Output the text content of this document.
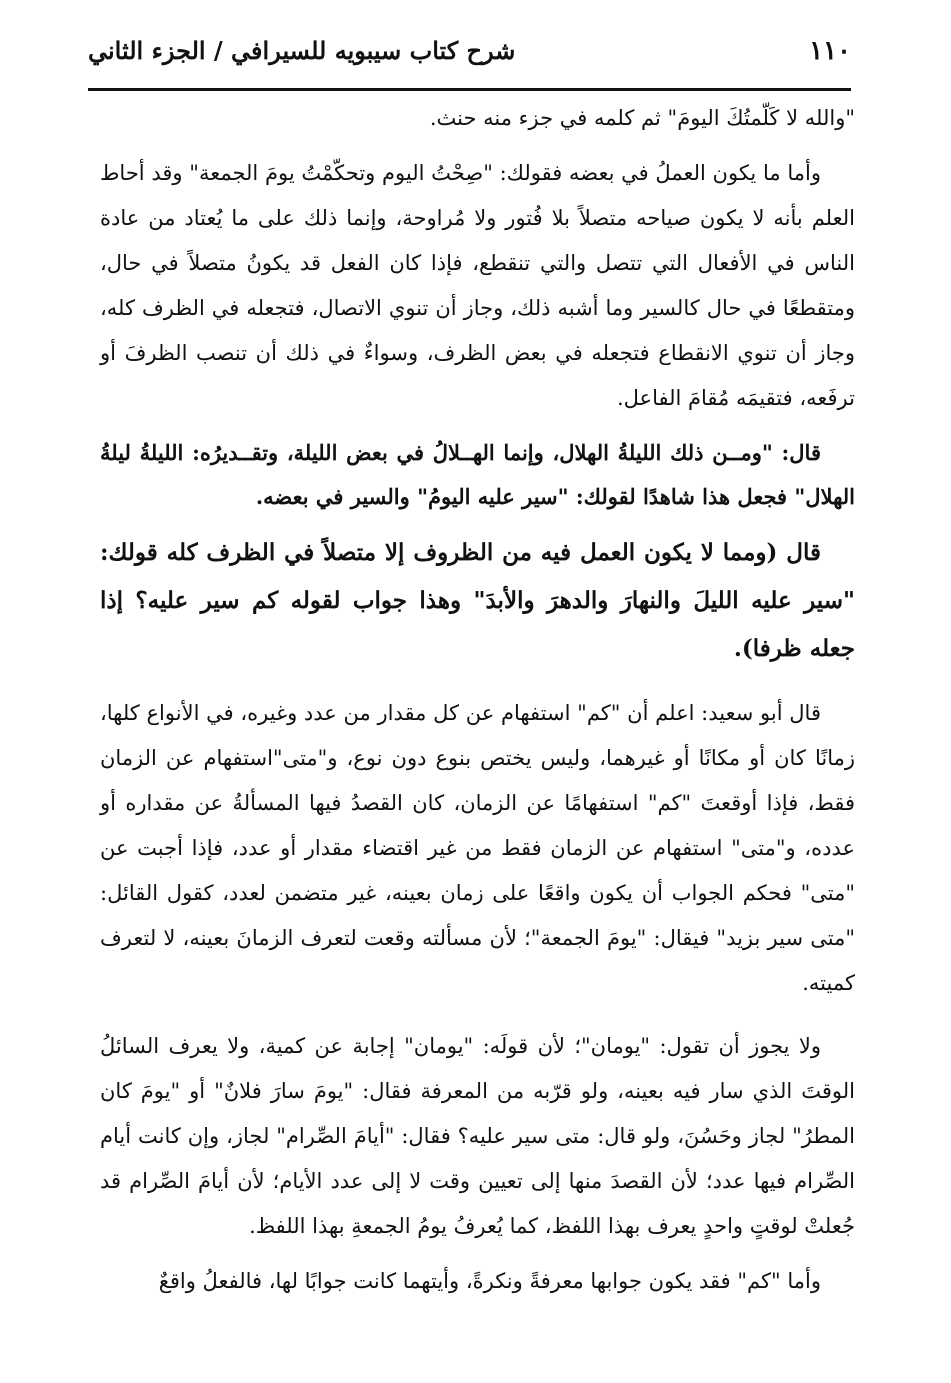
١١٠
شرح كتاب سيبويه للسيرافي / الجزء الثاني

"والله لا كَلّمتُكَ اليومَ" ثم كلمه في جزء منه حنث.

وأما ما يكون العملُ في بعضه فقولك: "صِحْتُ اليوم وتحكّمْتُ يومَ الجمعة" وقد أحاط العلم بأنه لا يكون صياحه متصلاً بلا فُتور ولا مُراوحة، وإنما ذلك على ما يُعتاد من عادة الناس في الأفعال التي تتصل والتي تنقطع، فإذا كان الفعل قد يكونُ متصلاً في حال، ومتقطعًا في حال كالسير وما أشبه ذلك، وجاز أن تنوي الاتصال، فتجعله في الظرف كله، وجاز أن تنوي الانقطاع فتجعله في بعض الظرف، وسواءٌ في ذلك أن تنصب الظرفَ أو ترفَعه، فتقيمَه مُقامَ الفاعل.

قال: "ومــن ذلك الليلةُ الهلال، وإنما الهــلالُ في بعض الليلة، وتقــديرُه: الليلةُ ليلةُ الهلال" فجعل هذا شاهدًا لقولك: "سير عليه اليومُ" والسير في بعضه.

قال (ومما لا يكون العمل فيه من الظروف إلا متصلاً في الظرف كله قولك: "سير عليه الليلَ والنهارَ والدهرَ والأبدَ" وهذا جواب لقوله كم سير عليه؟ إذا جعله ظرفا).

قال أبو سعيد: اعلم أن "كم" استفهام عن كل مقدار من عدد وغيره، في الأنواع كلها، زمانًا كان أو مكانًا أو غيرهما، وليس يختص بنوع دون نوع، و"متى"استفهام عن الزمان فقط، فإذا أوقعتَ "كم" استفهامًا عن الزمان، كان القصدُ فيها المسألةُ عن مقداره أو عدده، و"متى" استفهام عن الزمان فقط من غير اقتضاء مقدار أو عدد، فإذا أجبت عن "متى" فحكم الجواب أن يكون واقعًا على زمان بعينه، غير متضمن لعدد، كقول القائل: "متى سير بزيد" فيقال: "يومَ الجمعة"؛ لأن مسألته وقعت لتعرف الزمانَ بعينه، لا لتعرف كميته.

ولا يجوز أن تقول: "يومان"؛ لأن قولَه: "يومان" إجابة عن كمية، ولا يعرف السائلُ الوقتَ الذي سار فيه بعينه، ولو قرّبه من المعرفة فقال: "يومَ سارَ فلانٌ" أو "يومَ كان المطرُ" لجاز وحَسُنَ، ولو قال: متى سير عليه؟ فقال: "أيامَ الصِّرام" لجاز، وإن كانت أيام الصِّرام فيها عدد؛ لأن القصدَ منها إلى تعيين وقت لا إلى عدد الأيام؛ لأن أيامَ الصِّرام قد جُعلتْ لوقتٍ واحدٍ يعرف بهذا اللفظ، كما يُعرفُ يومُ الجمعةِ بهذا اللفظ.

وأما "كم" فقد يكون جوابها معرفةً ونكرةً، وأيتهما كانت جوابًا لها، فالفعلُ واقعٌ
